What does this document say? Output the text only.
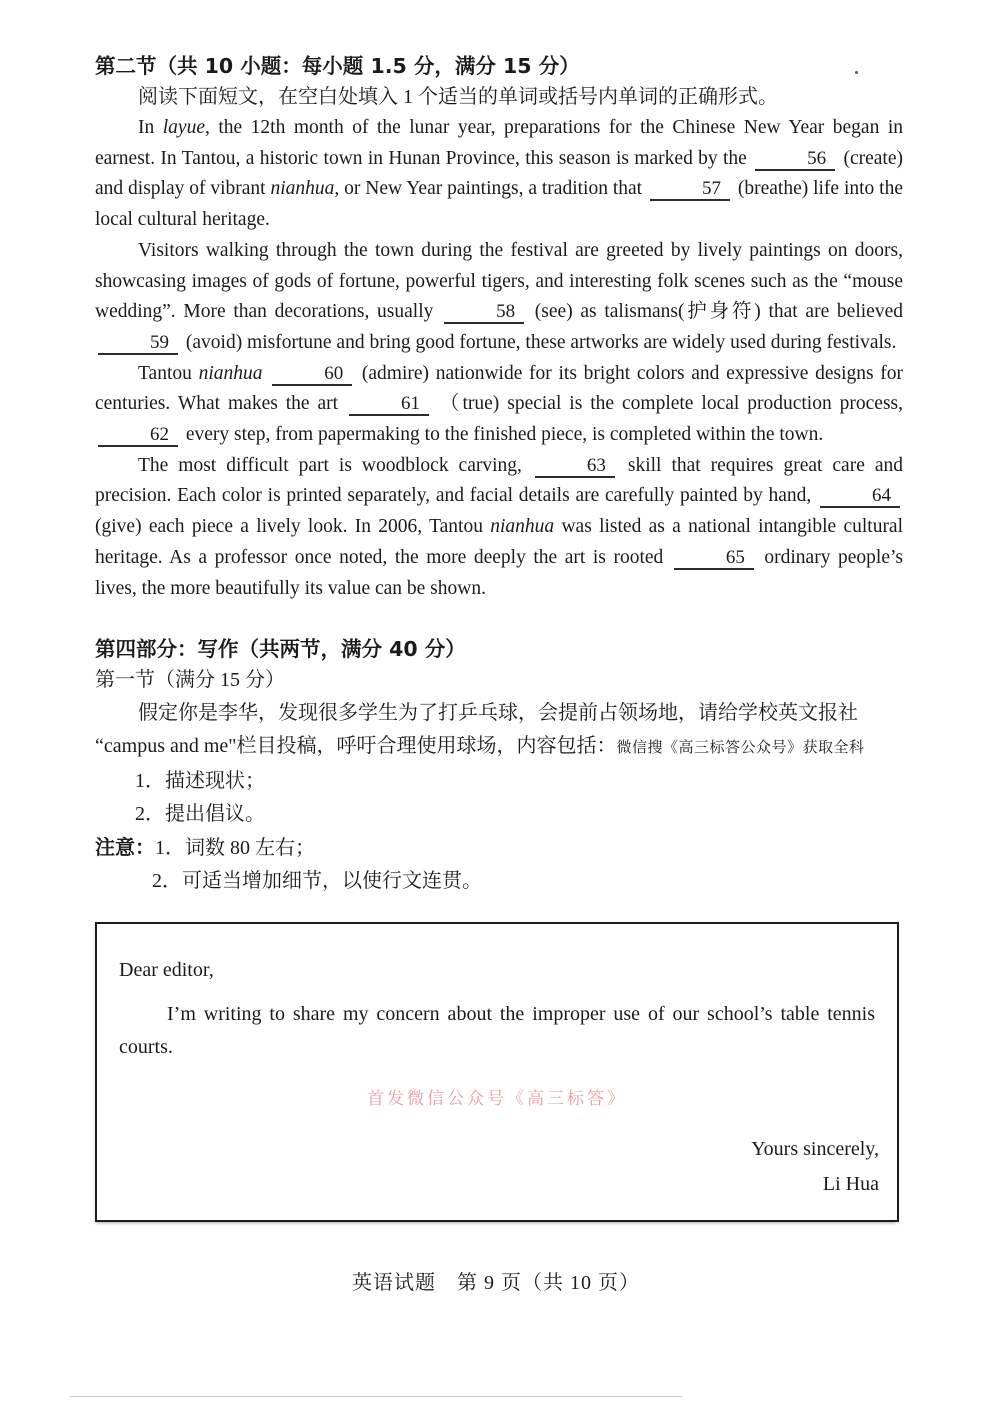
第二节（共 10 小题：每小题 1.5 分，满分 15 分）

阅读下面短文，在空白处填入 1 个适当的单词或括号内单词的正确形式。

In layue, the 12th month of the lunar year, preparations for the Chinese New Year began in earnest. In Tantou, a historic town in Hunan Province, this season is marked by the	56 (create) and display of vibrant nianhua, or New Year paintings, a tradition that	57 (breathe) life into the local cultural heritage.

Visitors walking through the town during the festival are greeted by lively paintings on doors, showcasing images of gods of fortune, powerful tigers, and interesting folk scenes such as the “mouse wedding”. More than decorations, usually	58 (see) as talismans(护身符) that are believed 59 (avoid) misfortune and bring good fortune, these artworks are widely used during festivals.

Tantou nianhua	60 (admire) nationwide for its bright colors and expressive designs for centuries. What makes the art	61 （true) special is the complete local production process, 62 every step, from papermaking to the finished piece, is completed within the town.

The most difficult part is woodblock carving,	63 skill that requires great care and precision. Each color is printed separately, and facial details are carefully painted by hand,	64 (give) each piece a lively look. In 2006, Tantou nianhua was listed as a national intangible cultural heritage. As a professor once noted, the more deeply the art is rooted	65 ordinary people’s lives, the more beautifully its value can be shown.

第四部分：写作（共两节，满分 40 分）

第一节（满分 15 分）

假定你是李华，发现很多学生为了打乒乓球，会提前占领场地，请给学校英文报社

“campus and me"栏目投稿，呼吁合理使用球场，内容包括：微信搜《高三标答公众号》获取全科

1．描述现状；

2．提出倡议。

注意：1．词数 80 左右；

2．可适当增加细节，以使行文连贯。

Dear editor,

I’m writing to share my concern about the improper use of our school’s table tennis courts.

首发微信公众号《高三标答》

Yours sincerely,
Li Hua
英语试题　第 9 页（共 10 页）
